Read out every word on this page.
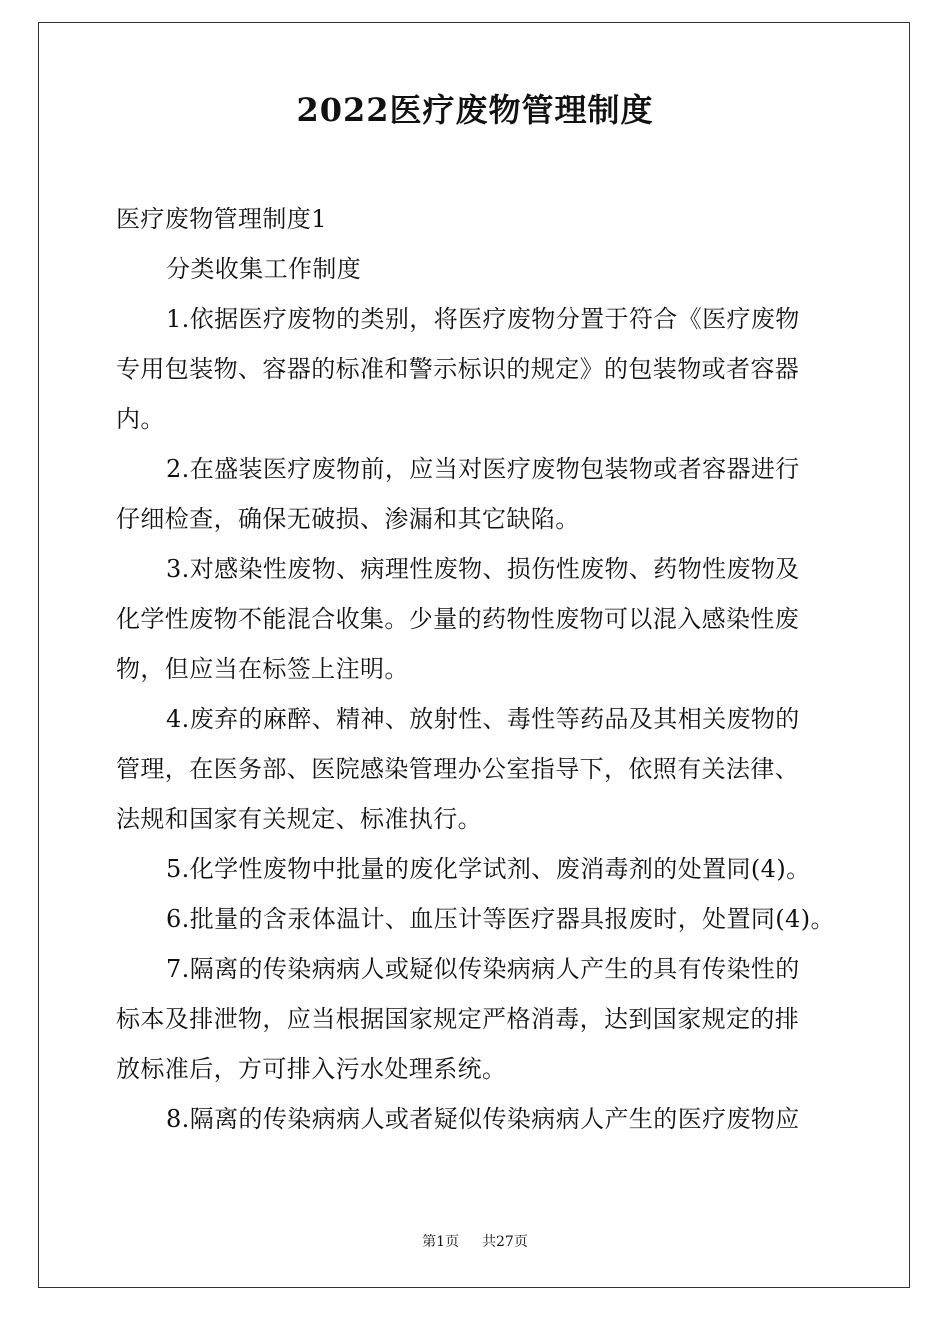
2022医疗废物管理制度

医疗废物管理制度1

分类收集工作制度

1.依据医疗废物的类别，将医疗废物分置于符合《医疗废物

专用包装物、容器的标准和警示标识的规定》的包装物或者容器

内。

2.在盛装医疗废物前，应当对医疗废物包装物或者容器进行

仔细检查，确保无破损、渗漏和其它缺陷。

3.对感染性废物、病理性废物、损伤性废物、药物性废物及

化学性废物不能混合收集。少量的药物性废物可以混入感染性废

物，但应当在标签上注明。

4.废弃的麻醉、精神、放射性、毒性等药品及其相关废物的

管理，在医务部、医院感染管理办公室指导下，依照有关法律、

法规和国家有关规定、标准执行。

5.化学性废物中批量的废化学试剂、废消毒剂的处置同(4)。

6.批量的含汞体温计、血压计等医疗器具报废时，处置同(4)。

7.隔离的传染病病人或疑似传染病病人产生的具有传染性的

标本及排泄物，应当根据国家规定严格消毒，达到国家规定的排

放标准后，方可排入污水处理系统。

8.隔离的传染病病人或者疑似传染病病人产生的医疗废物应

第1页 共27页
